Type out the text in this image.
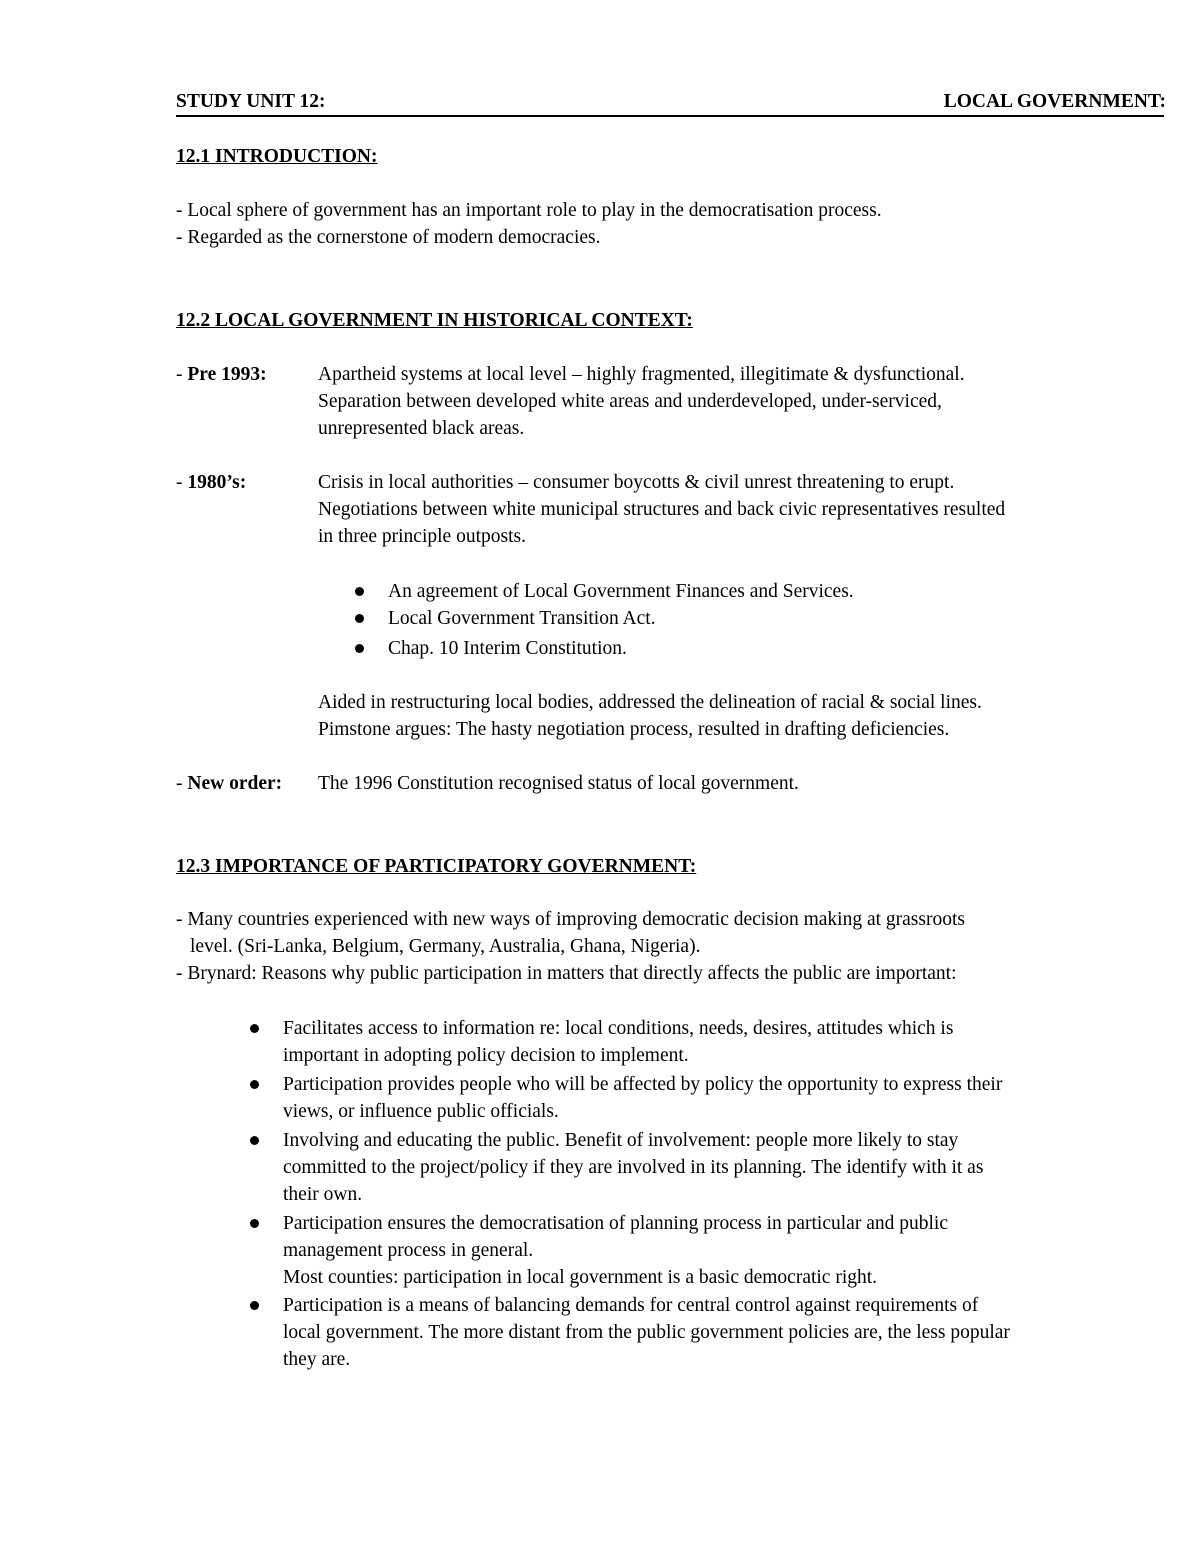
STUDY UNIT 12:	LOCAL GOVERNMENT:
12.1 INTRODUCTION:
- Local sphere of government has an important role to play in the democratisation process.
- Regarded as the cornerstone of modern democracies.
12.2 LOCAL GOVERNMENT IN HISTORICAL CONTEXT:
- Pre 1993:	Apartheid systems at local level – highly fragmented, illegitimate & dysfunctional.
Separation between developed white areas and underdeveloped, under-serviced,
unrepresented black areas.
- 1980’s:	Crisis in local authorities – consumer boycotts & civil unrest threatening to erupt.
Negotiations between white municipal structures and back civic representatives resulted
in three principle outposts.
An agreement of Local Government Finances and Services.
Local Government Transition Act.
Chap. 10 Interim Constitution.
Aided in restructuring local bodies, addressed the delineation of racial & social lines.
Pimstone argues: The hasty negotiation process, resulted in drafting deficiencies.
- New order: The 1996 Constitution recognised status of local government.
12.3 IMPORTANCE OF PARTICIPATORY GOVERNMENT:
- Many countries experienced with new ways of improving democratic decision making at grassroots
level. (Sri-Lanka, Belgium, Germany, Australia, Ghana, Nigeria).
- Brynard: Reasons why public participation in matters that directly affects the public are important:
Facilitates access to information re: local conditions, needs, desires, attitudes which is
important in adopting policy decision to implement.
Participation provides people who will be affected by policy the opportunity to express their
views, or influence public officials.
Involving and educating the public. Benefit of involvement: people more likely to stay
committed to the project/policy if they are involved in its planning. The identify with it as
their own.
Participation ensures the democratisation of planning process in particular and public
management process in general.
Most counties: participation in local government is a basic democratic right.
Participation is a means of balancing demands for central control against requirements of
local government. The more distant from the public government policies are, the less popular
they are.
